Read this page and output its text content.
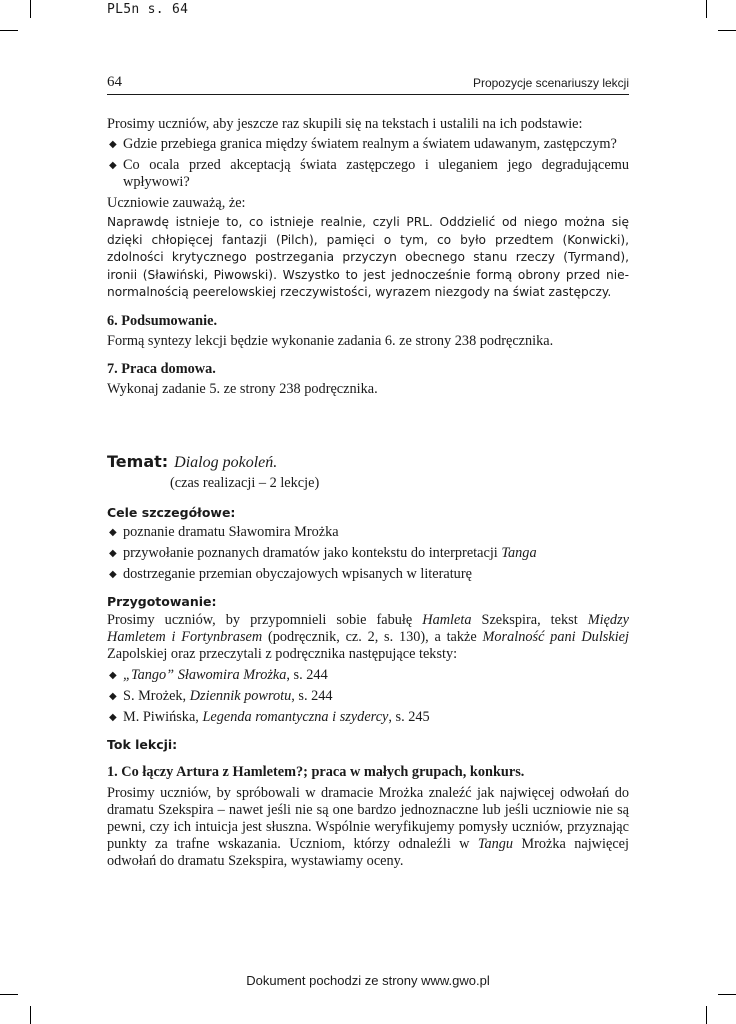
PL5n s. 64
64	Propozycje scenariuszy lekcji

Prosimy uczniów, aby jeszcze raz skupili się na tekstach i ustalili na ich podstawie:

◆ Gdzie przebiega granica między światem realnym a światem udawanym, zastępczym?
◆ Co ocala przed akceptacją świata zastępczego i uleganiem jego degradującemu wpływowi?

Uczniowie zauważą, że:

Naprawdę istnieje to, co istnieje realnie, czyli PRL. Oddzielić od niego można się dzięki chłopięcej fantazji (Pilch), pamięci o tym, co było przedtem (Konwicki), zdolności krytycznego postrzegania przyczyn obecnego stanu rzeczy (Tyrmand), ironii (Sławiński, Piwowski). Wszystko to jest jednocześnie formą obrony przed nienormalnością peerelowskiej rzeczywistości, wyrazem niezgody na świat zastępczy.

6. Podsumowanie.

Formą syntezy lekcji będzie wykonanie zadania 6. ze strony 238 podręcznika.

7. Praca domowa.

Wykonaj zadanie 5. ze strony 238 podręcznika.

Temat: Dialog pokoleń.

(czas realizacji – 2 lekcje)

Cele szczegółowe:
◆ poznanie dramatu Sławomira Mrożka
◆ przywołanie poznanych dramatów jako kontekstu do interpretacji Tanga
◆ dostrzeganie przemian obyczajowych wpisanych w literaturę
Przygotowanie:

Prosimy uczniów, by przypomnieli sobie fabułę Hamleta Szekspira, tekst Między Hamletem i Fortynbrasem (podręcznik, cz. 2, s. 130), a także Moralność pani Dulskiej Zapolskiej oraz przeczytali z podręcznika następujące teksty:

◆ „Tango” Sławomira Mrożka, s. 244
◆ S. Mrożek, Dziennik powrotu, s. 244
◆ M. Piwińska, Legenda romantyczna i szydercy, s. 245
Tok lekcji:
1. Co łączy Artura z Hamletem?; praca w małych grupach, konkurs.

Prosimy uczniów, by spróbowali w dramacie Mrożka znaleźć jak najwięcej odwołań do dramatu Szekspira – nawet jeśli nie są one bardzo jednoznaczne lub jeśli uczniowie nie są pewni, czy ich intuicja jest słuszna. Wspólnie weryfikujemy pomysły uczniów, przyznając punkty za trafne wskazania. Uczniom, którzy odnaleźli w Tangu Mrożka najwięcej odwołań do dramatu Szekspira, wystawiamy oceny.

Dokument pochodzi ze strony www.gwo.pl
